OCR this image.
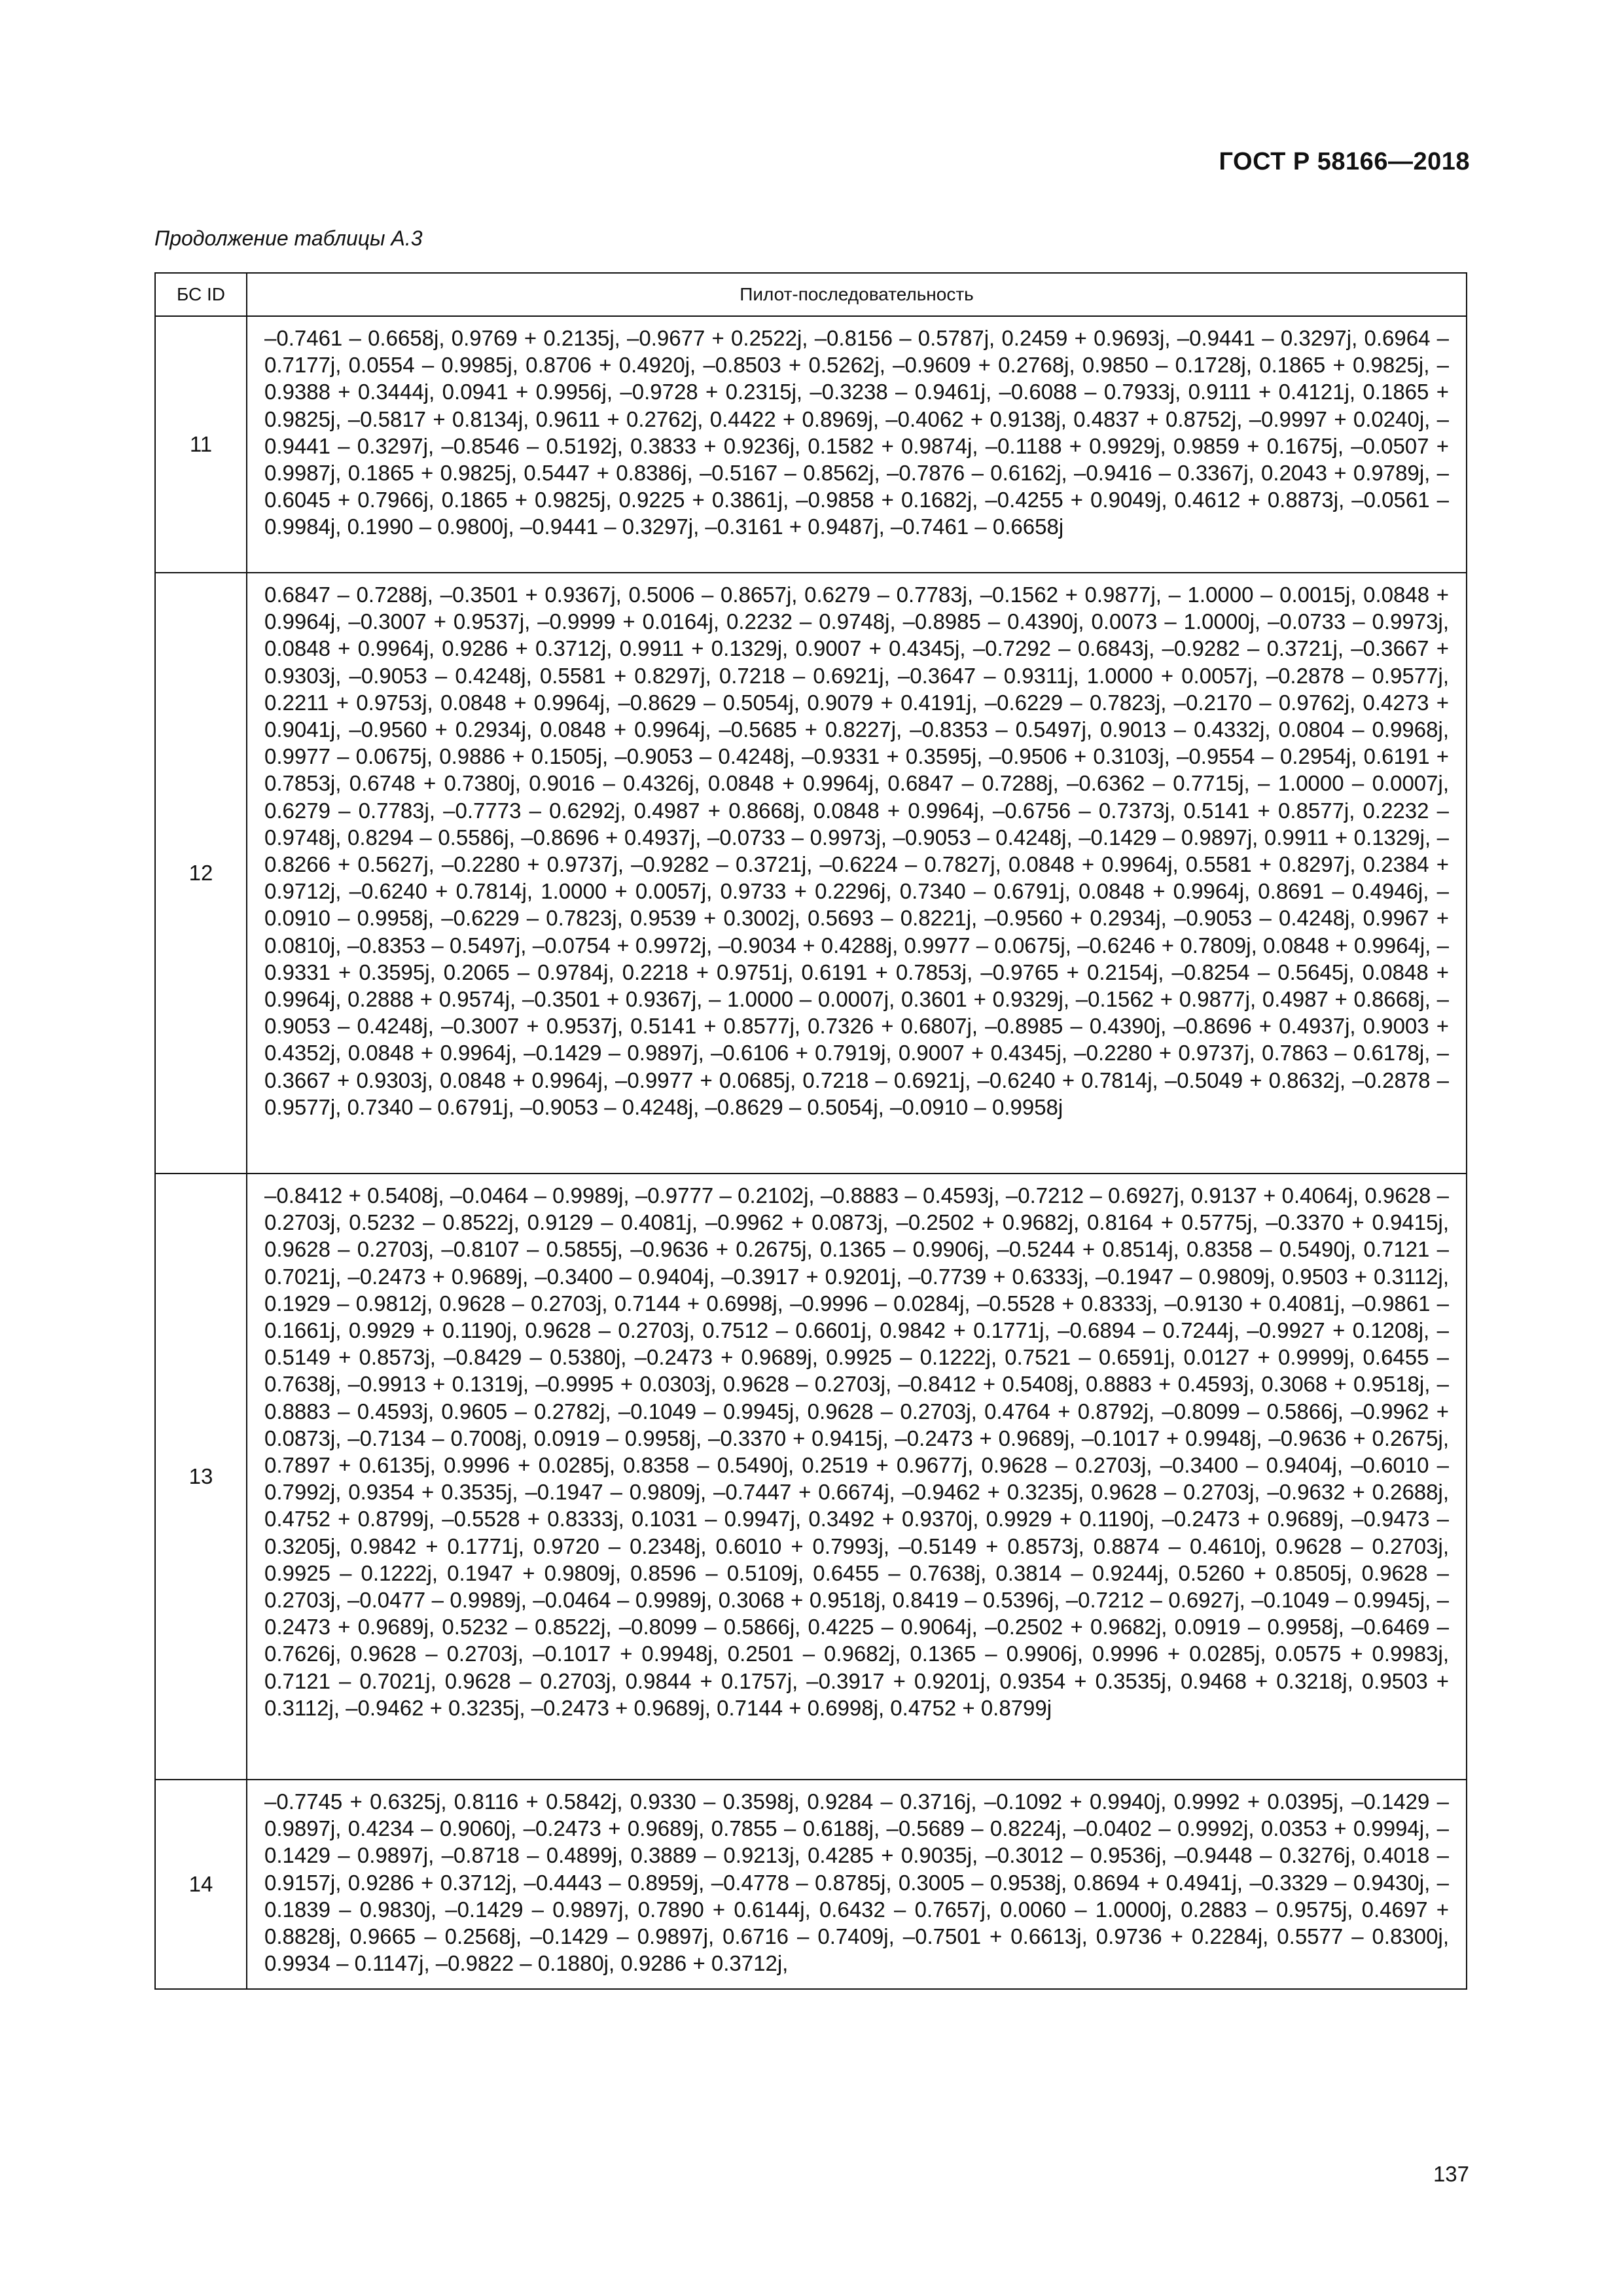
ГОСТ Р 58166—2018
Продолжение таблицы А.3
БС ID	Пилот-последовательность
11	–0.7461 – 0.6658j, 0.9769 + 0.2135j, –0.9677 + 0.2522j, –0.8156 – 0.5787j, 0.2459 + 0.9693j, –0.9441 – 0.3297j, 0.6964 – 0.7177j, 0.0554 – 0.9985j, 0.8706 + 0.4920j, –0.8503 + 0.5262j, –0.9609 + 0.2768j, 0.9850 – 0.1728j, 0.1865 + 0.9825j, –0.9388 + 0.3444j, 0.0941 + 0.9956j, –0.9728 + 0.2315j, –0.3238 – 0.9461j, –0.6088 – 0.7933j, 0.9111 + 0.4121j, 0.1865 + 0.9825j, –0.5817 + 0.8134j, 0.9611 + 0.2762j, 0.4422 + 0.8969j, –0.4062 + 0.9138j, 0.4837 + 0.8752j, –0.9997 + 0.0240j, –0.9441 – 0.3297j, –0.8546 – 0.5192j, 0.3833 + 0.9236j, 0.1582 + 0.9874j, –0.1188 + 0.9929j, 0.9859 + 0.1675j, –0.0507 + 0.9987j, 0.1865 + 0.9825j, 0.5447 + 0.8386j, –0.5167 – 0.8562j, –0.7876 – 0.6162j, –0.9416 – 0.3367j, 0.2043 + 0.9789j, –0.6045 + 0.7966j, 0.1865 + 0.9825j, 0.9225 + 0.3861j, –0.9858 + 0.1682j, –0.4255 + 0.9049j, 0.4612 + 0.8873j, –0.0561 – 0.9984j, 0.1990 – 0.9800j, –0.9441 – 0.3297j, –0.3161 + 0.9487j, –0.7461 – 0.6658j
12	0.6847 – 0.7288j, –0.3501 + 0.9367j, 0.5006 – 0.8657j, 0.6279 – 0.7783j, –0.1562 + 0.9877j, – 1.0000 – 0.0015j, 0.0848 + 0.9964j, –0.3007 + 0.9537j, –0.9999 + 0.0164j, 0.2232 – 0.9748j, –0.8985 – 0.4390j, 0.0073 – 1.0000j, –0.0733 – 0.9973j, 0.0848 + 0.9964j, 0.9286 + 0.3712j, 0.9911 + 0.1329j, 0.9007 + 0.4345j, –0.7292 – 0.6843j, –0.9282 – 0.3721j, –0.3667 + 0.9303j, –0.9053 – 0.4248j, 0.5581 + 0.8297j, 0.7218 – 0.6921j, –0.3647 – 0.9311j, 1.0000 + 0.0057j, –0.2878 – 0.9577j, 0.2211 + 0.9753j, 0.0848 + 0.9964j, –0.8629 – 0.5054j, 0.9079 + 0.4191j, –0.6229 – 0.7823j, –0.2170 – 0.9762j, 0.4273 + 0.9041j, –0.9560 + 0.2934j, 0.0848 + 0.9964j, –0.5685 + 0.8227j, –0.8353 – 0.5497j, 0.9013 – 0.4332j, 0.0804 – 0.9968j, 0.9977 – 0.0675j, 0.9886 + 0.1505j, –0.9053 – 0.4248j, –0.9331 + 0.3595j, –0.9506 + 0.3103j, –0.9554 – 0.2954j, 0.6191 + 0.7853j, 0.6748 + 0.7380j, 0.9016 – 0.4326j, 0.0848 + 0.9964j, 0.6847 – 0.7288j, –0.6362 – 0.7715j, – 1.0000 – 0.0007j, 0.6279 – 0.7783j, –0.7773 – 0.6292j, 0.4987 + 0.8668j, 0.0848 + 0.9964j, –0.6756 – 0.7373j, 0.5141 + 0.8577j, 0.2232 – 0.9748j, 0.8294 – 0.5586j, –0.8696 + 0.4937j, –0.0733 – 0.9973j, –0.9053 – 0.4248j, –0.1429 – 0.9897j, 0.9911 + 0.1329j, –0.8266 + 0.5627j, –0.2280 + 0.9737j, –0.9282 – 0.3721j, –0.6224 – 0.7827j, 0.0848 + 0.9964j, 0.5581 + 0.8297j, 0.2384 + 0.9712j, –0.6240 + 0.7814j, 1.0000 + 0.0057j, 0.9733 + 0.2296j, 0.7340 – 0.6791j, 0.0848 + 0.9964j, 0.8691 – 0.4946j, –0.0910 – 0.9958j, –0.6229 – 0.7823j, 0.9539 + 0.3002j, 0.5693 – 0.8221j, –0.9560 + 0.2934j, –0.9053 – 0.4248j, 0.9967 + 0.0810j, –0.8353 – 0.5497j, –0.0754 + 0.9972j, –0.9034 + 0.4288j, 0.9977 – 0.0675j, –0.6246 + 0.7809j, 0.0848 + 0.9964j, –0.9331 + 0.3595j, 0.2065 – 0.9784j, 0.2218 + 0.9751j, 0.6191 + 0.7853j, –0.9765 + 0.2154j, –0.8254 – 0.5645j, 0.0848 + 0.9964j, 0.2888 + 0.9574j, –0.3501 + 0.9367j, – 1.0000 – 0.0007j, 0.3601 + 0.9329j, –0.1562 + 0.9877j, 0.4987 + 0.8668j, –0.9053 – 0.4248j, –0.3007 + 0.9537j, 0.5141 + 0.8577j, 0.7326 + 0.6807j, –0.8985 – 0.4390j, –0.8696 + 0.4937j, 0.9003 + 0.4352j, 0.0848 + 0.9964j, –0.1429 – 0.9897j, –0.6106 + 0.7919j, 0.9007 + 0.4345j, –0.2280 + 0.9737j, 0.7863 – 0.6178j, –0.3667 + 0.9303j, 0.0848 + 0.9964j, –0.9977 + 0.0685j, 0.7218 – 0.6921j, –0.6240 + 0.7814j, –0.5049 + 0.8632j, –0.2878 – 0.9577j, 0.7340 – 0.6791j, –0.9053 – 0.4248j, –0.8629 – 0.5054j, –0.0910 – 0.9958j
13	–0.8412 + 0.5408j, –0.0464 – 0.9989j, –0.9777 – 0.2102j, –0.8883 – 0.4593j, –0.7212 – 0.6927j, 0.9137 + 0.4064j, 0.9628 – 0.2703j, 0.5232 – 0.8522j, 0.9129 – 0.4081j, –0.9962 + 0.0873j, –0.2502 + 0.9682j, 0.8164 + 0.5775j, –0.3370 + 0.9415j, 0.9628 – 0.2703j, –0.8107 – 0.5855j, –0.9636 + 0.2675j, 0.1365 – 0.9906j, –0.5244 + 0.8514j, 0.8358 – 0.5490j, 0.7121 – 0.7021j, –0.2473 + 0.9689j, –0.3400 – 0.9404j, –0.3917 + 0.9201j, –0.7739 + 0.6333j, –0.1947 – 0.9809j, 0.9503 + 0.3112j, 0.1929 – 0.9812j, 0.9628 – 0.2703j, 0.7144 + 0.6998j, –0.9996 – 0.0284j, –0.5528 + 0.8333j, –0.9130 + 0.4081j, –0.9861 – 0.1661j, 0.9929 + 0.1190j, 0.9628 – 0.2703j, 0.7512 – 0.6601j, 0.9842 + 0.1771j, –0.6894 – 0.7244j, –0.9927 + 0.1208j, –0.5149 + 0.8573j, –0.8429 – 0.5380j, –0.2473 + 0.9689j, 0.9925 – 0.1222j, 0.7521 – 0.6591j, 0.0127 + 0.9999j, 0.6455 – 0.7638j, –0.9913 + 0.1319j, –0.9995 + 0.0303j, 0.9628 – 0.2703j, –0.8412 + 0.5408j, 0.8883 + 0.4593j, 0.3068 + 0.9518j, –0.8883 – 0.4593j, 0.9605 – 0.2782j, –0.1049 – 0.9945j, 0.9628 – 0.2703j, 0.4764 + 0.8792j, –0.8099 – 0.5866j, –0.9962 + 0.0873j, –0.7134 – 0.7008j, 0.0919 – 0.9958j, –0.3370 + 0.9415j, –0.2473 + 0.9689j, –0.1017 + 0.9948j, –0.9636 + 0.2675j, 0.7897 + 0.6135j, 0.9996 + 0.0285j, 0.8358 – 0.5490j, 0.2519 + 0.9677j, 0.9628 – 0.2703j, –0.3400 – 0.9404j, –0.6010 – 0.7992j, 0.9354 + 0.3535j, –0.1947 – 0.9809j, –0.7447 + 0.6674j, –0.9462 + 0.3235j, 0.9628 – 0.2703j, –0.9632 + 0.2688j, 0.4752 + 0.8799j, –0.5528 + 0.8333j, 0.1031 – 0.9947j, 0.3492 + 0.9370j, 0.9929 + 0.1190j, –0.2473 + 0.9689j, –0.9473 – 0.3205j, 0.9842 + 0.1771j, 0.9720 – 0.2348j, 0.6010 + 0.7993j, –0.5149 + 0.8573j, 0.8874 – 0.4610j, 0.9628 – 0.2703j, 0.9925 – 0.1222j, 0.1947 + 0.9809j, 0.8596 – 0.5109j, 0.6455 – 0.7638j, 0.3814 – 0.9244j, 0.5260 + 0.8505j, 0.9628 – 0.2703j, –0.0477 – 0.9989j, –0.0464 – 0.9989j, 0.3068 + 0.9518j, 0.8419 – 0.5396j, –0.7212 – 0.6927j, –0.1049 – 0.9945j, –0.2473 + 0.9689j, 0.5232 – 0.8522j, –0.8099 – 0.5866j, 0.4225 – 0.9064j, –0.2502 + 0.9682j, 0.0919 – 0.9958j, –0.6469 – 0.7626j, 0.9628 – 0.2703j, –0.1017 + 0.9948j, 0.2501 – 0.9682j, 0.1365 – 0.9906j, 0.9996 + 0.0285j, 0.0575 + 0.9983j, 0.7121 – 0.7021j, 0.9628 – 0.2703j, 0.9844 + 0.1757j, –0.3917 + 0.9201j, 0.9354 + 0.3535j, 0.9468 + 0.3218j, 0.9503 + 0.3112j, –0.9462 + 0.3235j, –0.2473 + 0.9689j, 0.7144 + 0.6998j, 0.4752 + 0.8799j
14	–0.7745 + 0.6325j, 0.8116 + 0.5842j, 0.9330 – 0.3598j, 0.9284 – 0.3716j, –0.1092 + 0.9940j, 0.9992 + 0.0395j, –0.1429 – 0.9897j, 0.4234 – 0.9060j, –0.2473 + 0.9689j, 0.7855 – 0.6188j, –0.5689 – 0.8224j, –0.0402 – 0.9992j, 0.0353 + 0.9994j, –0.1429 – 0.9897j, –0.8718 – 0.4899j, 0.3889 – 0.9213j, 0.4285 + 0.9035j, –0.3012 – 0.9536j, –0.9448 – 0.3276j, 0.4018 – 0.9157j, 0.9286 + 0.3712j, –0.4443 – 0.8959j, –0.4778 – 0.8785j, 0.3005 – 0.9538j, 0.8694 + 0.4941j, –0.3329 – 0.9430j, –0.1839 – 0.9830j, –0.1429 – 0.9897j, 0.7890 + 0.6144j, 0.6432 – 0.7657j, 0.0060 – 1.0000j, 0.2883 – 0.9575j, 0.4697 + 0.8828j, 0.9665 – 0.2568j, –0.1429 – 0.9897j, 0.6716 – 0.7409j, –0.7501 + 0.6613j, 0.9736 + 0.2284j, 0.5577 – 0.8300j, 0.9934 – 0.1147j, –0.9822 – 0.1880j, 0.9286 + 0.3712j,
137
